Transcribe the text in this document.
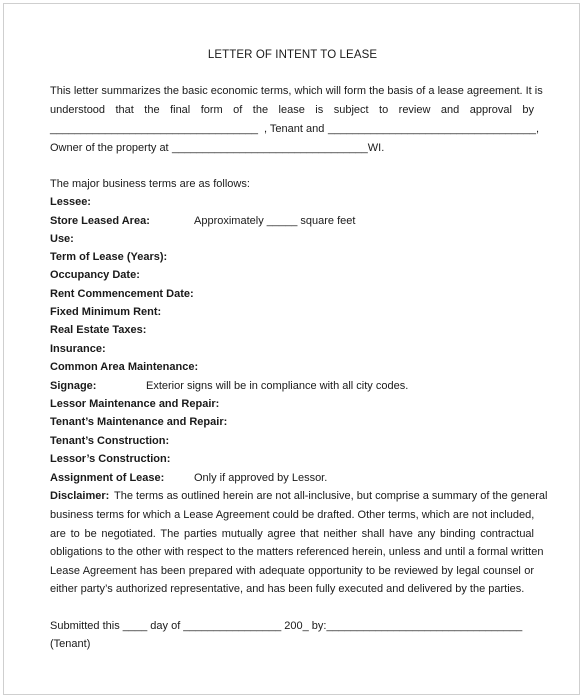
LETTER OF INTENT TO LEASE
This letter summarizes the basic economic terms, which will form the basis of a lease agreement. It is
understood that the final form of the lease is subject to review and approval by
__________________________________ , Tenant and __________________________________,
Owner of the property at ________________________________WI.
The major business terms are as follows:
Lessee:
Store Leased Area:	Approximately _____ square feet
Use:
Term of Lease (Years):
Occupancy Date:
Rent Commencement Date:
Fixed Minimum Rent:
Real Estate Taxes:
Insurance:
Common Area Maintenance:
Signage:	Exterior signs will be in compliance with all city codes.
Lessor Maintenance and Repair:
Tenant’s Maintenance and Repair:
Tenant’s Construction:
Lessor’s Construction:
Assignment of Lease:	Only if approved by Lessor.
Disclaimer: The terms as outlined herein are not all-inclusive, but comprise a summary of the general
business terms for which a Lease Agreement could be drafted. Other terms, which are not included,
are to be negotiated. The parties mutually agree that neither shall have any binding contractual
obligations to the other with respect to the matters referenced herein, unless and until a formal written
Lease Agreement has been prepared with adequate opportunity to be reviewed by legal counsel or
either party’s authorized representative, and has been fully executed and delivered by the parties.
Submitted this ____ day of ________________ 200_ by:________________________________
(Tenant)
